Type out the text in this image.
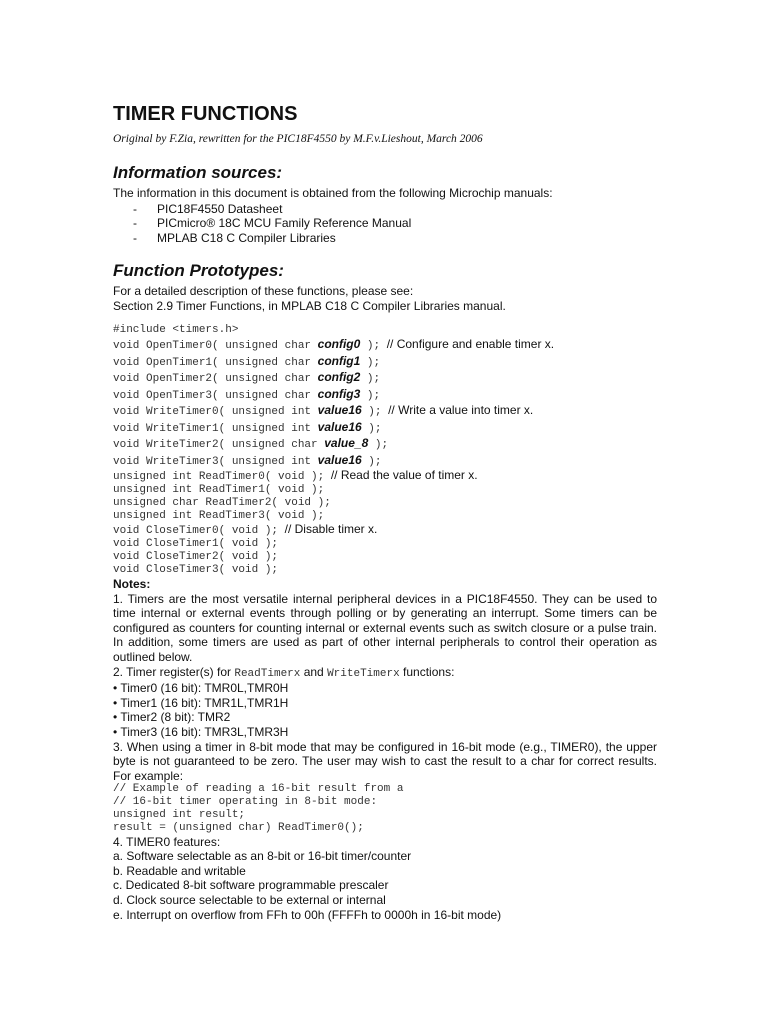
TIMER FUNCTIONS
Original by F.Zia, rewritten for the PIC18F4550 by M.F.v.Lieshout, March 2006
Information sources:

The information in this document is obtained from the following Microchip manuals:

- PIC18F4550 Datasheet
- PICmicro® 18C MCU Family Reference Manual
- MPLAB C18 C Compiler Libraries
Function Prototypes:

For a detailed description of these functions, please see:

Section 2.9 Timer Functions, in MPLAB C18 C Compiler Libraries manual.

#include <timers.h>
void OpenTimer0( unsigned char config0 ); // Configure and enable timer x.
void OpenTimer1( unsigned char config1 );
void OpenTimer2( unsigned char config2 );
void OpenTimer3( unsigned char config3 );
void WriteTimer0( unsigned int value16 ); // Write a value into timer x.
void WriteTimer1( unsigned int value16 );
void WriteTimer2( unsigned char value_8 );
void WriteTimer3( unsigned int value16 );
unsigned int ReadTimer0( void ); // Read the value of timer x.
unsigned int ReadTimer1( void );
unsigned char ReadTimer2( void );
unsigned int ReadTimer3( void );
void CloseTimer0( void ); // Disable timer x.
void CloseTimer1( void );
void CloseTimer2( void );
void CloseTimer3( void );
Notes:

1. Timers are the most versatile internal peripheral devices in a PIC18F4550. They can be used to time internal or external events through polling or by generating an interrupt. Some timers can be configured as counters for counting internal or external events such as switch closure or a pulse train. In addition, some timers are used as part of other internal peripherals to control their operation as outlined below.

2. Timer register(s) for ReadTimerx and WriteTimerx functions:

• Timer0 (16 bit): TMR0L,TMR0H

• Timer1 (16 bit): TMR1L,TMR1H

• Timer2 (8 bit): TMR2

• Timer3 (16 bit): TMR3L,TMR3H

3. When using a timer in 8-bit mode that may be configured in 16-bit mode (e.g., TIMER0), the upper byte is not guaranteed to be zero. The user may wish to cast the result to a char for correct results. For example:

// Example of reading a 16-bit result from a
// 16-bit timer operating in 8-bit mode:
unsigned int result;
result = (unsigned char) ReadTimer0();

4. TIMER0 features:

a. Software selectable as an 8-bit or 16-bit timer/counter

b. Readable and writable

c. Dedicated 8-bit software programmable prescaler

d. Clock source selectable to be external or internal

e. Interrupt on overflow from FFh to 00h (FFFFh to 0000h in 16-bit mode)
